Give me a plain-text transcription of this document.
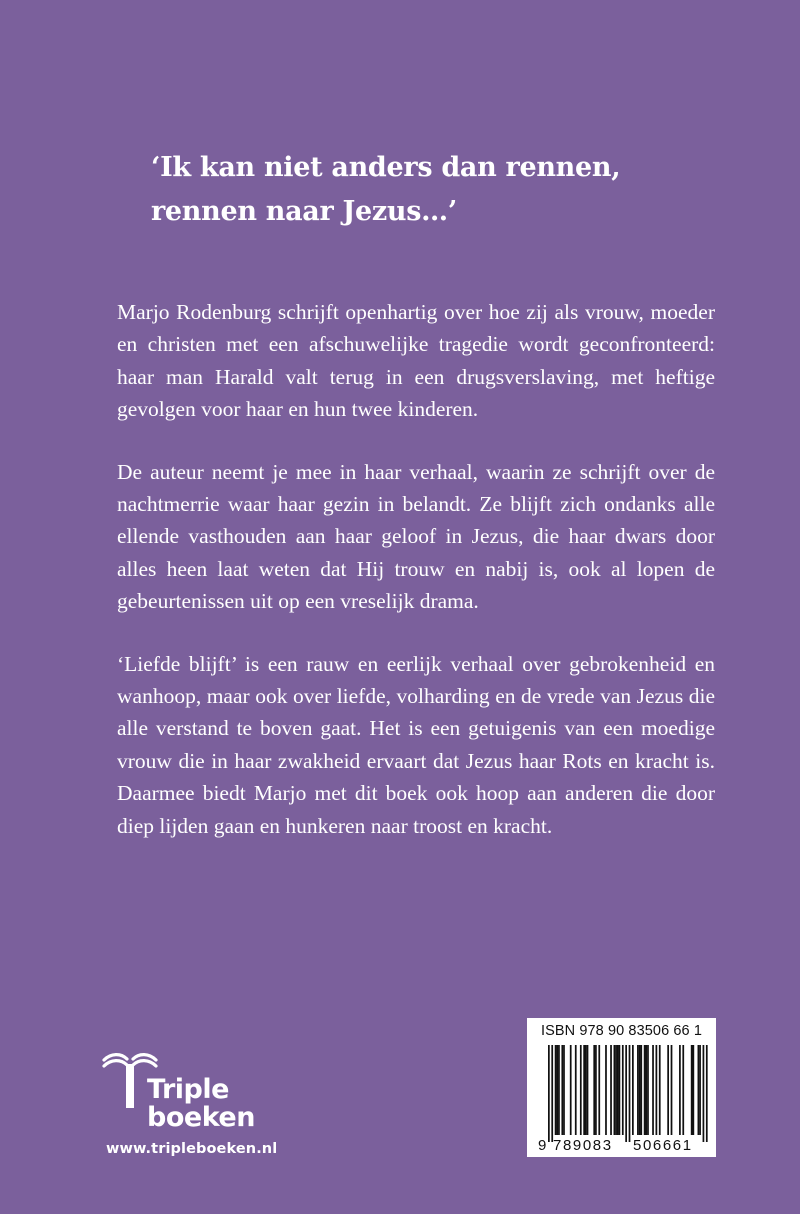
‘Ik kan niet anders dan rennen,
rennen naar Jezus…’

Marjo Rodenburg schrijft openhartig over hoe zij als vrouw, moeder en christen met een afschuwelijke tragedie wordt geconfronteerd: haar man Harald valt terug in een drugsverslaving, met heftige gevolgen voor haar en hun twee kinderen.

De auteur neemt je mee in haar verhaal, waarin ze schrijft over de nachtmerrie waar haar gezin in belandt. Ze blijft zich ondanks alle ellende vasthouden aan haar geloof in Jezus, die haar dwars door alles heen laat weten dat Hij trouw en nabij is, ook al lopen de gebeurtenissen uit op een vreselijk drama.

‘Liefde blijft’ is een rauw en eerlijk verhaal over gebrokenheid en wanhoop, maar ook over liefde, volharding en de vrede van Jezus die alle verstand te boven gaat. Het is een getuigenis van een moedige vrouw die in haar zwakheid ervaart dat Jezus haar Rots en kracht is. Daarmee biedt Marjo met dit boek ook hoop aan anderen die door diep lijden gaan en hunkeren naar troost en kracht.

Triple
boeken
www.tripleboeken.nl
ISBN 978 90 83506 66 1
9 789083 506661
